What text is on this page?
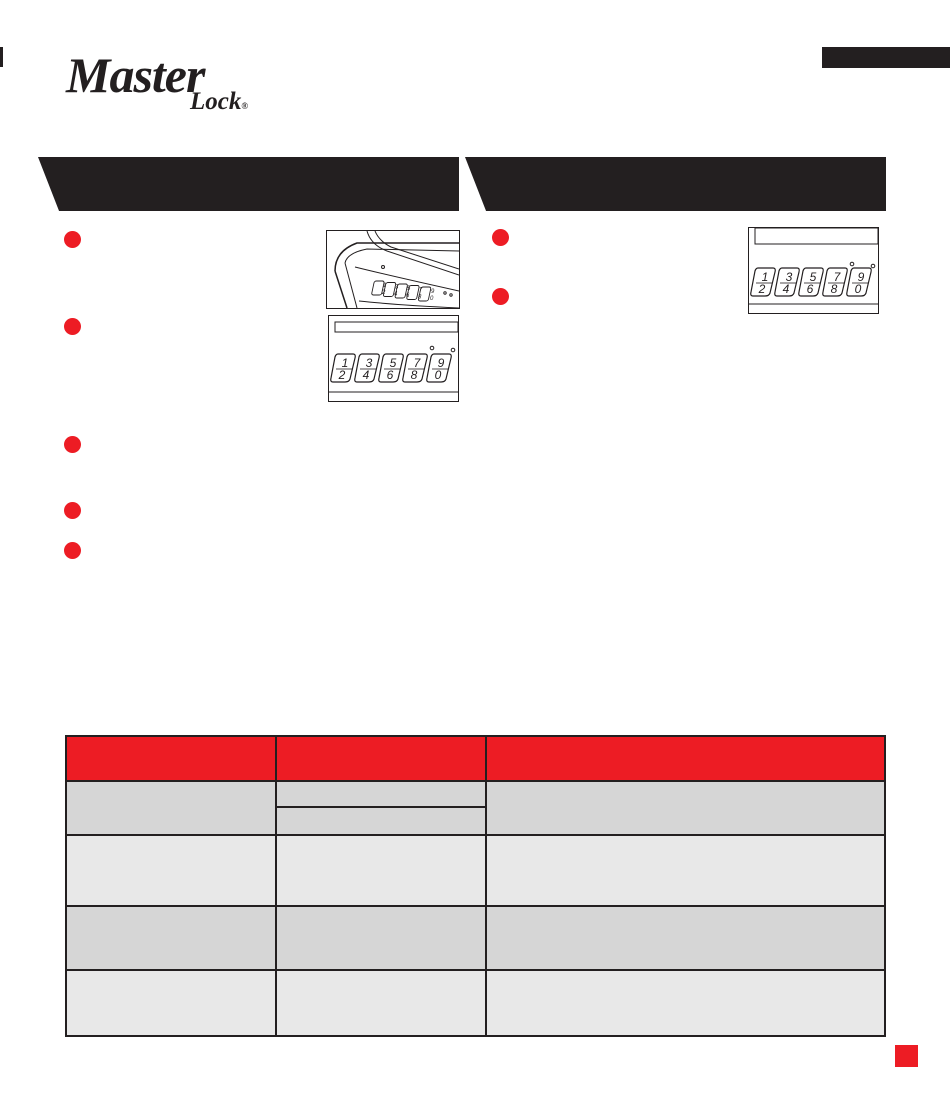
Master
Lock®
1
2
3
4
5
6
7
8
9
0
1
2
3
4
5
6
7
8
9
0
1
2
3
4
5
6
7
8
9
0
